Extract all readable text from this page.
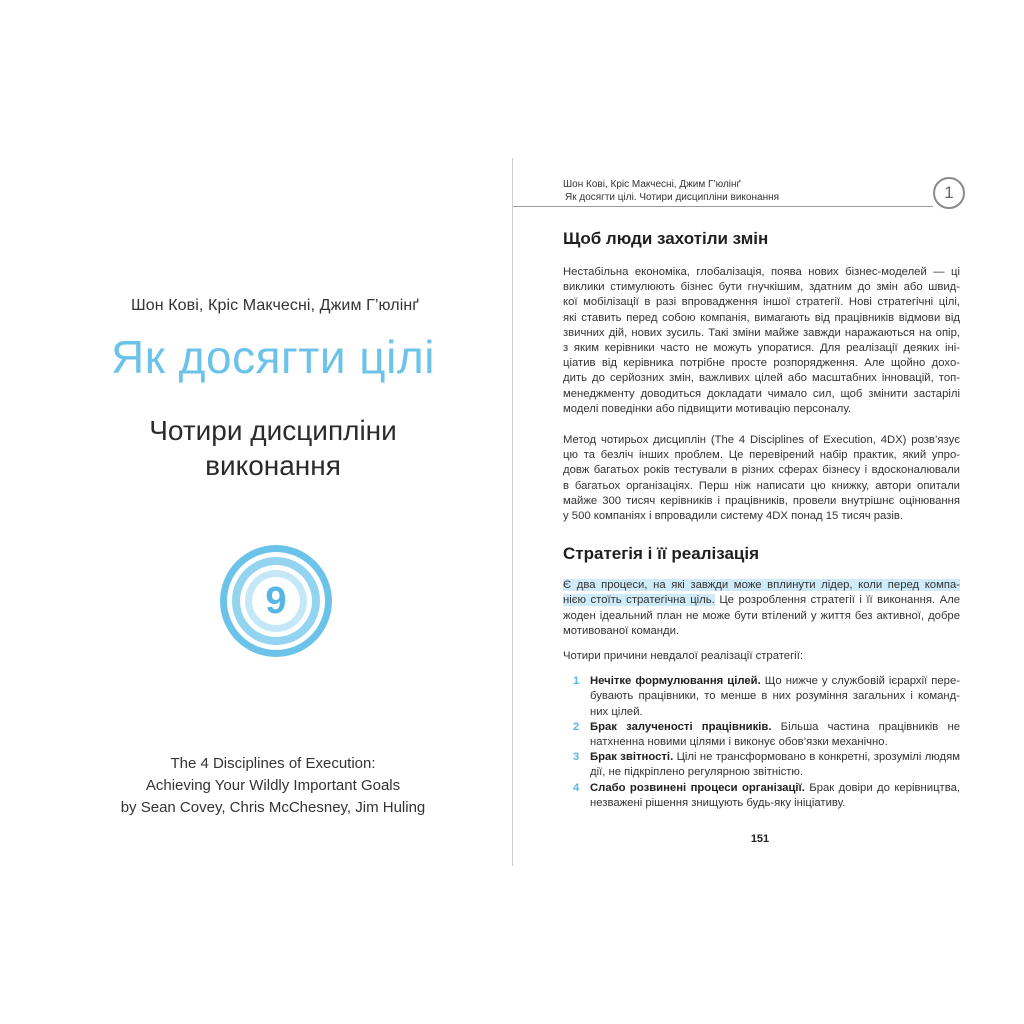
Шон Кові, Кріс Макчеснi, Джим Г’юлінґ
Як досягти цілі
Чотири дисципліни
виконання
9
The 4 Disciplines of Execution:
Achieving Your Wildly Important Goals
by Sean Covey, Chris McChesney, Jim Huling
Шон Кові, Кріс Макчеснi, Джим Г’юлінґ
Як досягти цілі. Чотири дисципліни виконання	1
Щоб люди захотіли змін
Нестабільна економіка, глобалізація, поява нових бізнес-моделей — ці
виклики стимулюють бізнес бути гнучкішим, здатним до змін або швид-
кої мобілізації в разі впровадження іншої стратегії. Нові стратегічні цілі,
які ставить перед собою компанія, вимагають від працівників відмови від
звичних дій, нових зусиль. Такі зміни майже завжди наражаються на опір,
з яким керівники часто не можуть упоратися. Для реалізації деяких іні-
ціатив від керівника потрібне просте розпорядження. Але щойно дохо-
дить до серйозних змін, важливих цілей або масштабних інновацій, топ-
менеджменту доводиться докладати чимало сил, щоб змінити застарілі
моделі поведінки або підвищити мотивацію персоналу.
Метод чотирьох дисциплін (The 4 Disciplines of Execution, 4DX) розв’язує
цю та безліч інших проблем. Це перевірений набір практик, який упро-
довж багатьох років тестували в різних сферах бізнесу і вдосконалювали
в багатьох організаціях. Перш ніж написати цю книжку, автори опитали
майже 300 тисяч керівників і працівників, провели внутрішнє оцінювання
у 500 компаніях і впровадили систему 4DX понад 15 тисяч разів.
Стратегія і її реалізація
Є два процеси, на які завжди може вплинути лідер, коли перед компа-
нією стоїть стратегічна ціль. Це розроблення стратегії і її виконання. Але
жоден ідеальний план не може бути втілений у життя без активної, добре
мотивованої команди.
Чотири причини невдалої реалізації стратегії:
1 Нечітке формулювання цілей. Що нижче у службовій ієрархії пере-бувають працівники, то менше в них розуміння загальних і команд-них цілей.
2 Брак залученості працівників. Більша частина працівників не натхненна новими цілями і виконує обов’язки механічно.
3 Брак звітності. Цілі не трансформовано в конкретні, зрозумілі людям дії, не підкріплено регулярною звітністю.
4 Слабо розвинені процеси організації. Брак довіри до керівництва, незважені рішення знищують будь-яку ініціативу.
151
